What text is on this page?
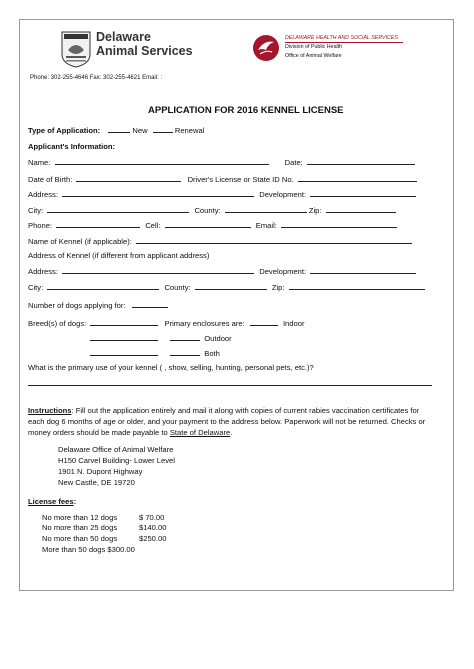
Delaware
Animal Services
Phone: 302-255-4646 Fax: 302-255-4621 Email: :
DELAWARE HEALTH AND SOCIAL SERVICES
Division of Public Health
Office of Animal Welfare
APPLICATION FOR 2016 KENNEL LICENSE
Type of Application:	New	Renewal
Applicant's Information:
Name:	Date:
Date of Birth:	Driver's License or State ID No.
Address:	Development:
City:	County:	Zip:
Phone:	Cell:	Email:
Name of Kennel (if applicable):
Address of Kennel (if different from applicant address)
Address:	Development:
City:	County:	Zip:
Number of dogs applying for:
Breed(s) of dogs:	Primary enclosures are:	Indoor
Outdoor
Both
What is the primary use of your kennel ( , show, selling, hunting, personal pets, etc.)?
Instructions: Fill out the application entirely and mail it along with copies of current rabies vaccination certificates for
each dog 6 months of age or older, and your payment to the address below. Paperwork will not be returned. Checks or
money orders should be made payable to State of Delaware.
Delaware Office of Animal Welfare
H150 Carvel Building- Lower Level
1901 N. Dupont Highway
New Castle, DE 19720
License fees:
No more than 12 dogs	$ 70.00
No more than 25 dogs	$140.00
No more than 50 dogs	$250.00
More than 50 dogs $300.00
